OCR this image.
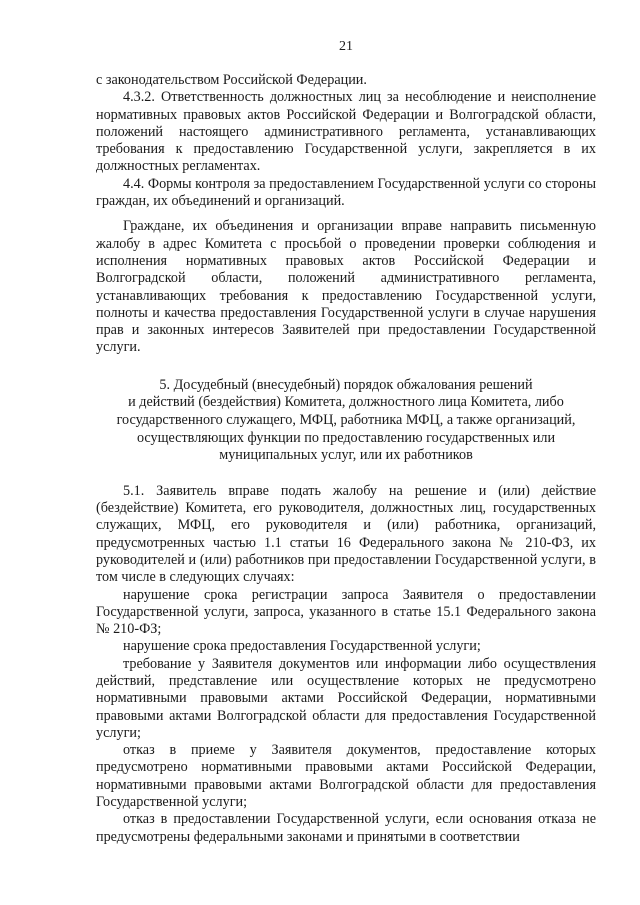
21

с законодательством Российской Федерации.

4.3.2. Ответственность должностных лиц за несоблюдение и неисполнение нормативных правовых актов Российской Федерации и Волгоградской области, положений настоящего административного регламента, устанавливающих требования к предоставлению Государственной услуги, закрепляется в их должностных регламентах.

4.4. Формы контроля за предоставлением Государственной услуги со стороны граждан, их объединений и организаций.

Граждане, их объединения и организации вправе направить письменную жалобу в адрес Комитета с просьбой о проведении проверки соблюдения и исполнения нормативных правовых актов Российской Федерации и Волгоградской области, положений административного регламента, устанавливающих требования к предоставлению Государственной услуги, полноты и качества предоставления Государственной услуги в случае нарушения прав и законных интересов Заявителей при предоставлении Государственной услуги.

5. Досудебный (внесудебный) порядок обжалования решений

и действий (бездействия) Комитета, должностного лица Комитета, либо

государственного служащего, МФЦ, работника МФЦ, а также организаций,

осуществляющих функции по предоставлению государственных или

муниципальных услуг, или их работников

5.1. Заявитель вправе подать жалобу на решение и (или) действие (бездействие) Комитета, его руководителя, должностных лиц, государственных служащих, МФЦ, его руководителя и (или) работника, организаций, предусмотренных частью 1.1 статьи 16 Федерального закона № 210-ФЗ, их руководителей и (или) работников при предоставлении Государственной услуги, в том числе в следующих случаях:

нарушение срока регистрации запроса Заявителя о предоставлении Государственной услуги, запроса, указанного в статье 15.1 Федерального закона № 210-ФЗ;

нарушение срока предоставления Государственной услуги;

требование у Заявителя документов или информации либо осуществления действий, представление или осуществление которых не предусмотрено нормативными правовыми актами Российской Федерации, нормативными правовыми актами Волгоградской области для предоставления Государственной услуги;

отказ в приеме у Заявителя документов, предоставление которых предусмотрено нормативными правовыми актами Российской Федерации, нормативными правовыми актами Волгоградской области для предоставления Государственной услуги;

отказ в предоставлении Государственной услуги, если основания отказа не предусмотрены федеральными законами и принятыми в соответствии
